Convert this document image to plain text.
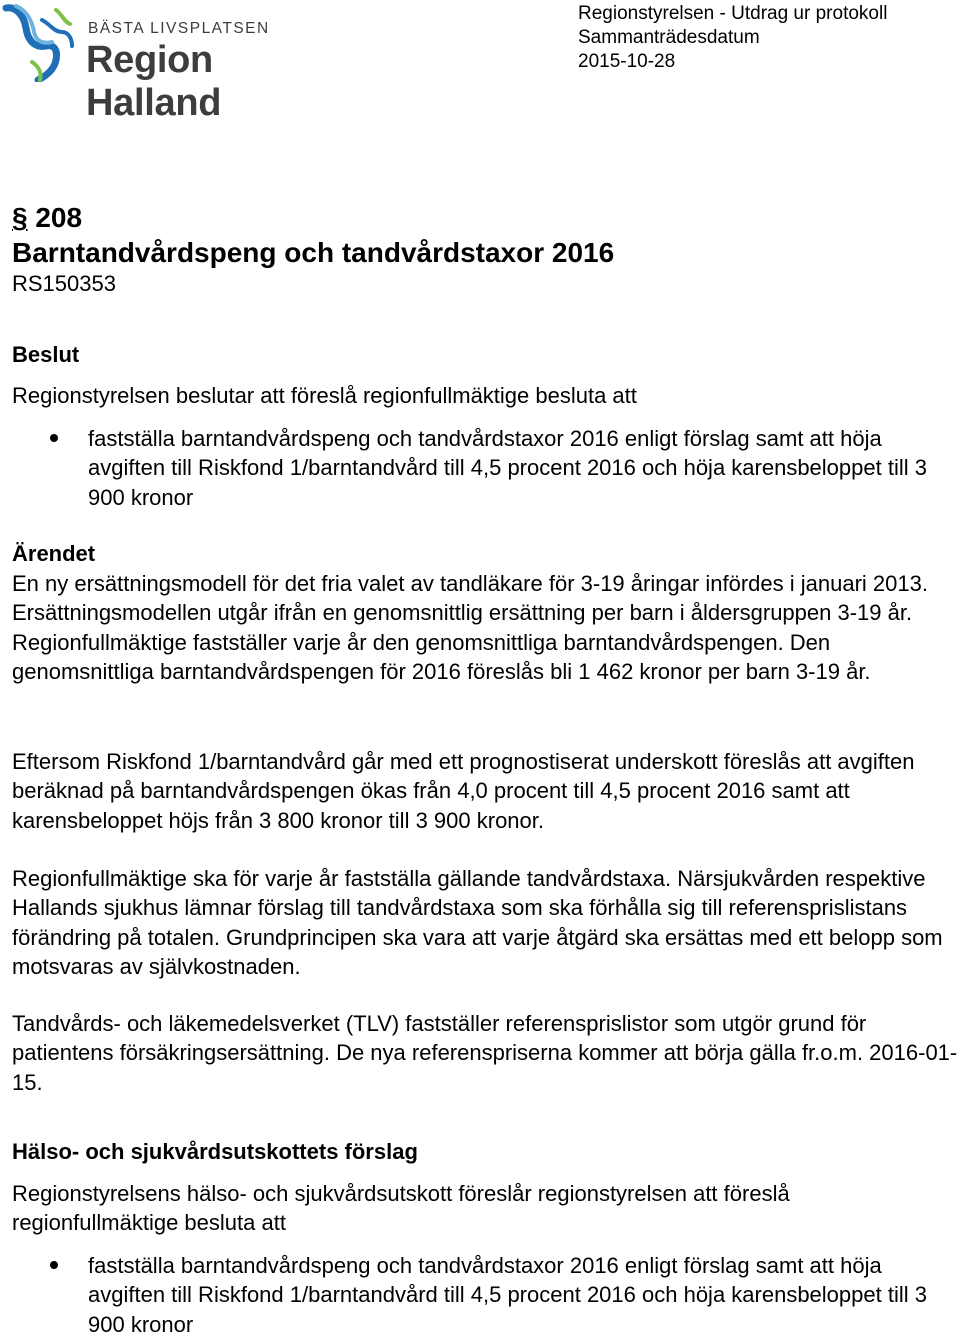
BÄSTA LIVSPLATSEN
Region Halland
Regionstyrelsen - Utdrag ur protokoll
Sammanträdesdatum
2015-10-28
§ 208
Barntandvårdspeng och tandvårdstaxor 2016
RS150353
Beslut
Regionstyrelsen beslutar att föreslå regionfullmäktige besluta att
fastställa barntandvårdspeng och tandvårdstaxor 2016 enligt förslag samt att höja avgiften till Riskfond 1/barntandvård till 4,5 procent 2016 och höja karensbeloppet till 3 900 kronor
Ärendet
En ny ersättningsmodell för det fria valet av tandläkare för 3-19 åringar infördes i januari 2013. Ersättningsmodellen utgår ifrån en genomsnittlig ersättning per barn i åldersgruppen 3-19 år. Regionfullmäktige fastställer varje år den genomsnittliga barntandvårdspengen. Den genomsnittliga barntandvårdspengen för 2016 föreslås bli 1 462 kronor per barn 3-19 år.
Eftersom Riskfond 1/barntandvård går med ett prognostiserat underskott föreslås att avgiften beräknad på barntandvårdspengen ökas från 4,0 procent till 4,5 procent 2016 samt att karensbeloppet höjs från 3 800 kronor till 3 900 kronor.
Regionfullmäktige ska för varje år fastställa gällande tandvårdstaxa. Närsjukvården respektive Hallands sjukhus lämnar förslag till tandvårdstaxa som ska förhålla sig till referensprislistans förändring på totalen. Grundprincipen ska vara att varje åtgärd ska ersättas med ett belopp som motsvaras av självkostnaden.
Tandvårds- och läkemedelsverket (TLV) fastställer referensprislistor som utgör grund för patientens försäkringsersättning. De nya referenspriserna kommer att börja gälla fr.o.m. 2016-01-15.
Hälso- och sjukvårdsutskottets förslag
Regionstyrelsens hälso- och sjukvårdsutskott föreslår regionstyrelsen att föreslå regionfullmäktige besluta att
fastställa barntandvårdspeng och tandvårdstaxor 2016 enligt förslag samt att höja avgiften till Riskfond 1/barntandvård till 4,5 procent 2016 och höja karensbeloppet till 3 900 kronor
